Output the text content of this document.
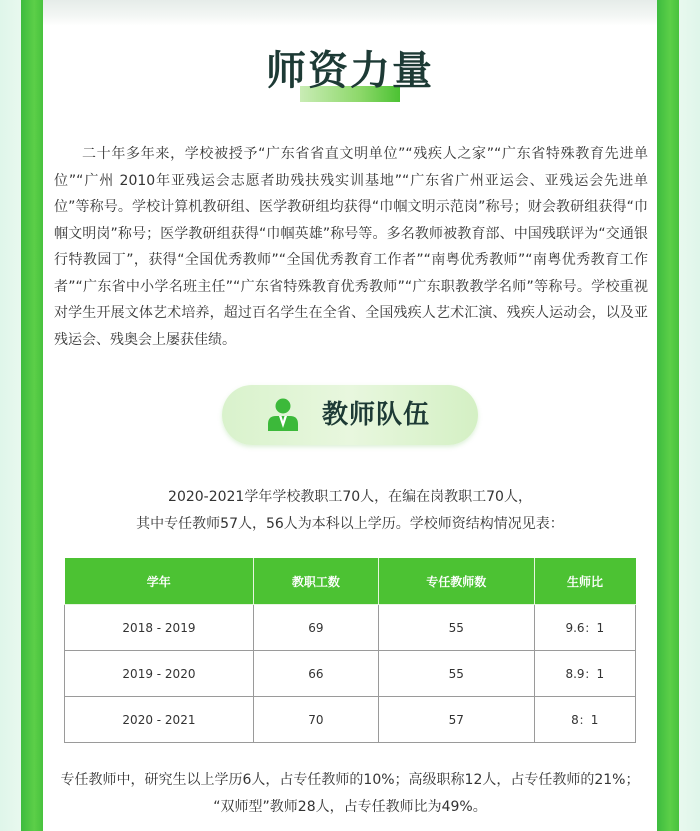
师资力量

二十年多年来，学校被授予“广东省省直文明单位”“残疾人之家”“广东省特殊教育先进单位”“广州 2010年亚残运会志愿者助残扶残实训基地”“广东省广州亚运会、亚残运会先进单位”等称号。学校计算机教研组、医学教研组均获得“巾帼文明示范岗”称号；财会教研组获得“巾帼文明岗”称号；医学教研组获得“巾帼英雄”称号等。多名教师被教育部、中国残联评为“交通银行特教园丁”，获得“全国优秀教师”“全国优秀教育工作者”“南粤优秀教师”“南粤优秀教育工作者”“广东省中小学名班主任”“广东省特殊教育优秀教师”“广东职教教学名师”等称号。学校重视对学生开展文体艺术培养，超过百名学生在全省、全国残疾人艺术汇演、残疾人运动会，以及亚残运会、残奥会上屡获佳绩。

教师队伍
2020-2021学年学校教职工70人，在编在岗教职工70人，
其中专任教师57人，56人为本科以上学历。学校师资结构情况见表：
学年	教职工数	专任教师数	生师比
2018 - 2019	69	55	9.6：1
2019 - 2020	66	55	8.9：1
2020 - 2021	70	57	8：1
专任教师中，研究生以上学历6人，占专任教师的10%；高级职称12人，占专任教师的21%；
“双师型”教师28人，占专任教师比为49%。
